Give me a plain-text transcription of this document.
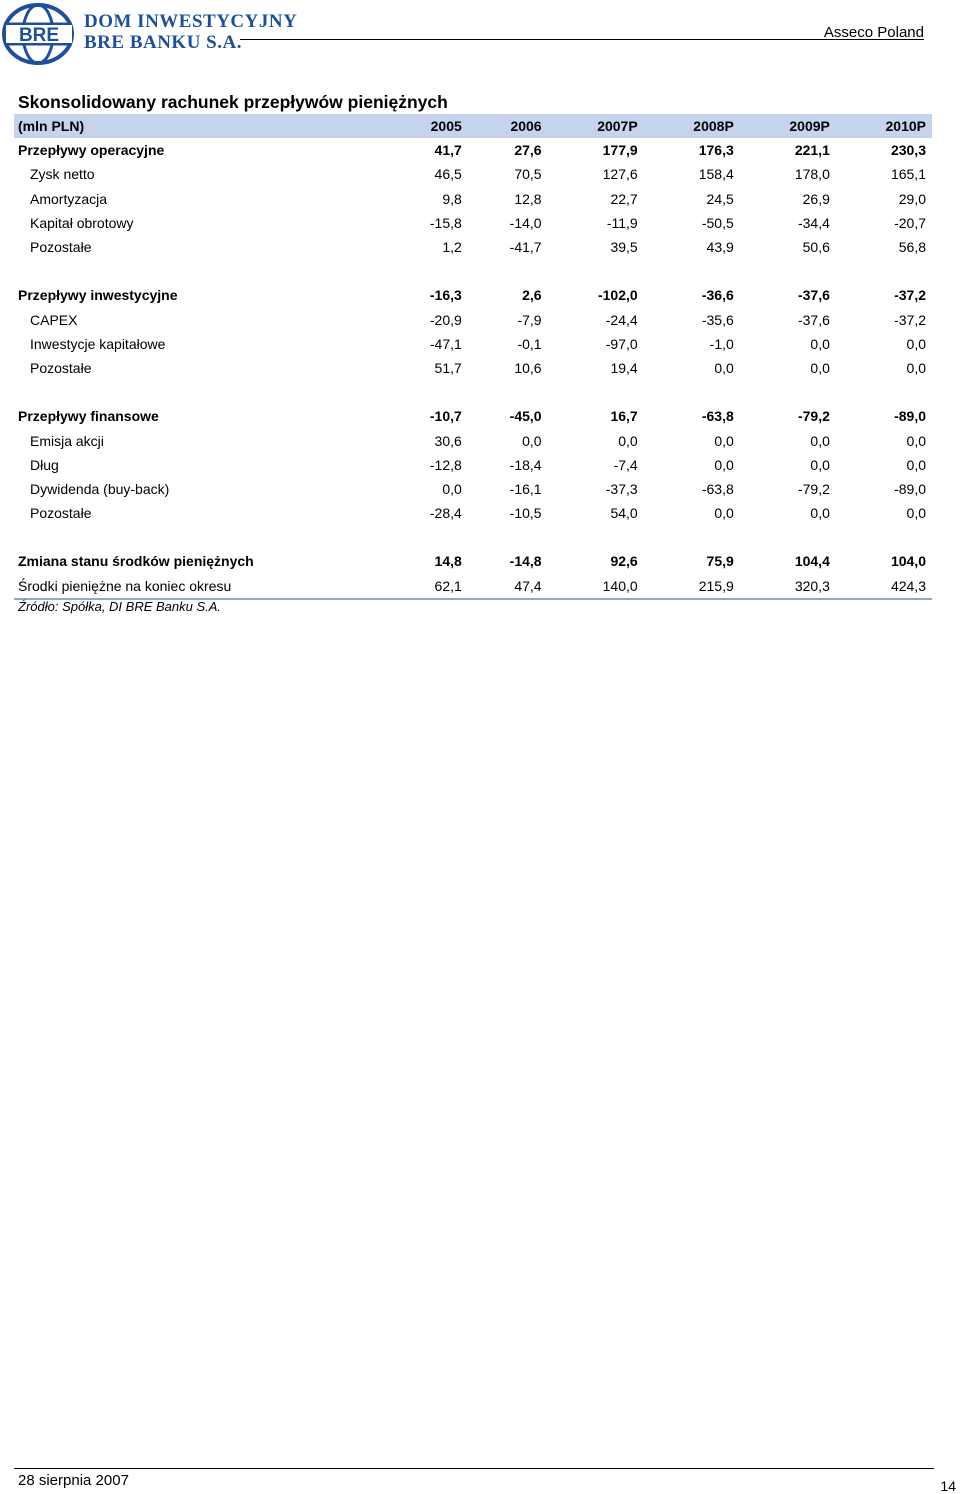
BRE
DOM INWESTYCYJNY
BRE BANKU S.A.	Asseco Poland
Skonsolidowany rachunek przepływów pieniężnych
(mln PLN)	2005	2006	2007P	2008P	2009P	2010P
Przepływy operacyjne	41,7	27,6	177,9	176,3	221,1	230,3
Zysk netto	46,5	70,5	127,6	158,4	178,0	165,1
Amortyzacja	9,8	12,8	22,7	24,5	26,9	29,0
Kapitał obrotowy	-15,8	-14,0	-11,9	-50,5	-34,4	-20,7
Pozostałe	1,2	-41,7	39,5	43,9	50,6	56,8

Przepływy inwestycyjne	-16,3	2,6	-102,0	-36,6	-37,6	-37,2
CAPEX	-20,9	-7,9	-24,4	-35,6	-37,6	-37,2
Inwestycje kapitałowe	-47,1	-0,1	-97,0	-1,0	0,0	0,0
Pozostałe	51,7	10,6	19,4	0,0	0,0	0,0

Przepływy finansowe	-10,7	-45,0	16,7	-63,8	-79,2	-89,0
Emisja akcji	30,6	0,0	0,0	0,0	0,0	0,0
Dług	-12,8	-18,4	-7,4	0,0	0,0	0,0
Dywidenda (buy-back)	0,0	-16,1	-37,3	-63,8	-79,2	-89,0
Pozostałe	-28,4	-10,5	54,0	0,0	0,0	0,0

Zmiana stanu środków pieniężnych	14,8	-14,8	92,6	75,9	104,4	104,0
Środki pieniężne na koniec okresu	62,1	47,4	140,0	215,9	320,3	424,3
Źródło: Spółka, DI BRE Banku S.A.
28 sierpnia 2007	14
